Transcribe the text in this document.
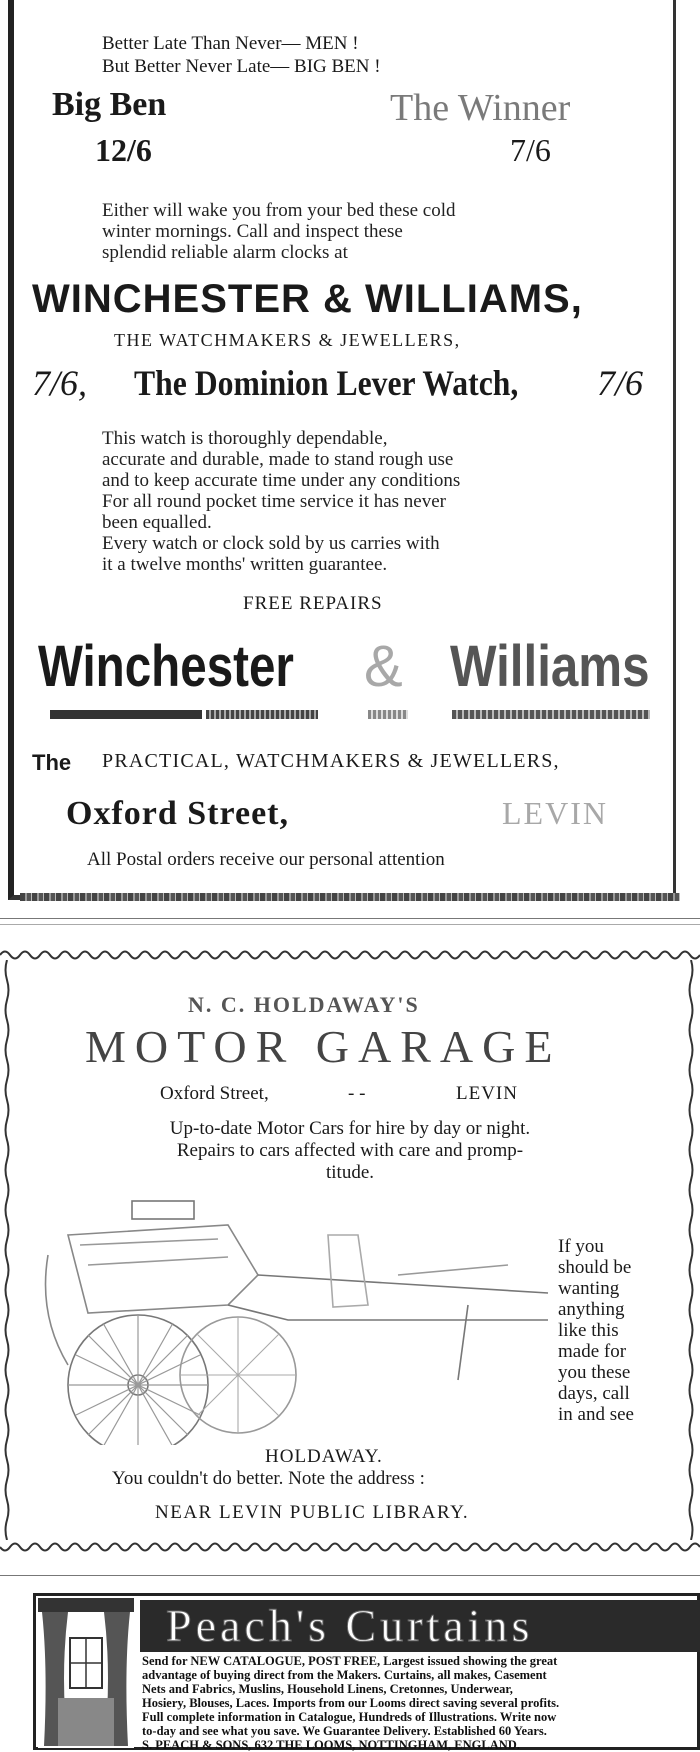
Better Late Than Never— MEN !
But Better Never Late— BIG BEN !
Big Ben
12/6
The Winner
7/6
Either will wake you from your bed these cold
winter mornings. Call and inspect these
splendid reliable alarm clocks at
WINCHESTER & WILLIAMS,
THE WATCHMAKERS & JEWELLERS,
7/6, The Dominion Lever Watch, 7/6
This watch is thoroughly dependable,
accurate and durable, made to stand rough use
and to keep accurate time under any conditions
For all round pocket time service it has never
been equalled.
Every watch or clock sold by us carries with
it a twelve months' written guarantee.
FREE REPAIRS
Winchester & Williams
The PRACTICAL, WATCHMAKERS & JEWELLERS,
Oxford Street,	LEVIN
All Postal orders receive our personal attention
N. C. HOLDAWAY'S
MOTOR GARAGE
Oxford Street,	- -	LEVIN
Up-to-date Motor Cars for hire by day or night.
Repairs to cars affected with care and promp-
titude.
If you
should be
wanting
anything
like this
made for
you these
days, call
in and see
HOLDAWAY.
You couldn't do better. Note the address :
NEAR LEVIN PUBLIC LIBRARY.
Peach's Curtains
Send for NEW CATALOGUE, POST FREE, Largest issued showing the great
advantage of buying direct from the Makers. Curtains, all makes, Casement
Nets and Fabrics, Muslins, Household Linens, Cretonnes, Underwear,
Hosiery, Blouses, Laces. Imports from our Looms direct saving several profits.
Full complete information in Catalogue, Hundreds of Illustrations. Write now
to-day and see what you save. We Guarantee Delivery. Established 60 Years.
S. PEACH & SONS, 632 THE LOOMS, NOTTINGHAM, ENGLAND.
